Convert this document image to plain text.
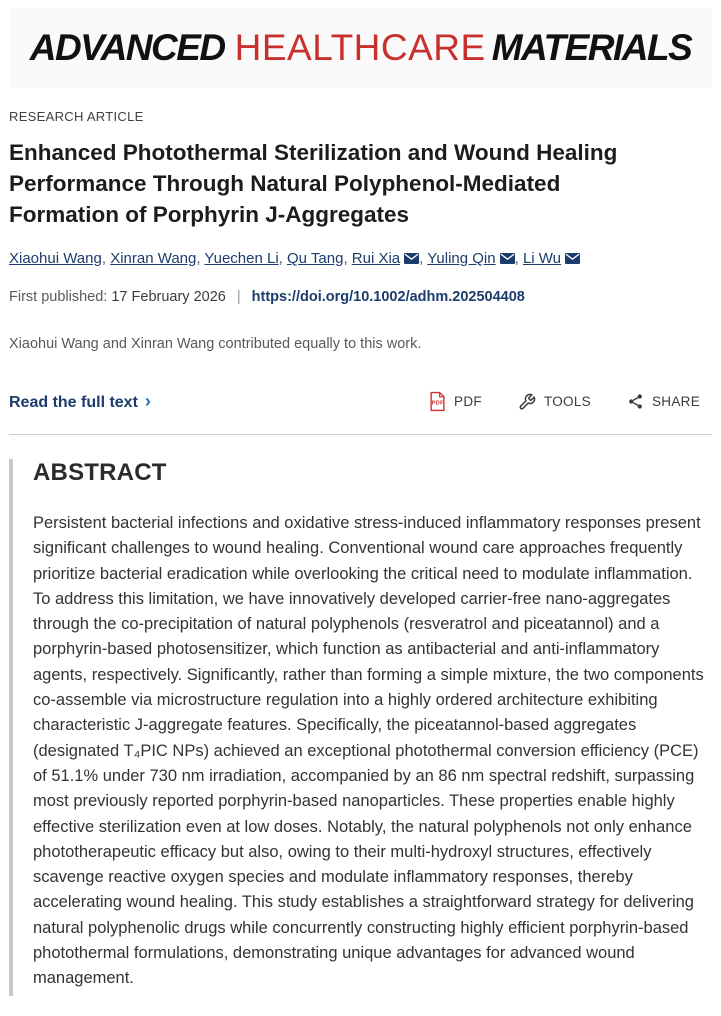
ADVANCED HEALTHCARE MATERIALS
RESEARCH ARTICLE
Enhanced Photothermal Sterilization and Wound Healing Performance Through Natural Polyphenol-Mediated Formation of Porphyrin J-Aggregates
Xiaohui Wang, Xinran Wang, Yuechen Li, Qu Tang, Rui Xia , Yuling Qin , Li Wu
First published: 17 February 2026 | https://doi.org/10.1002/adhm.202504408
Xiaohui Wang and Xinran Wang contributed equally to this work.
Read the full text ›	PDF PDF	TOOLS	SHARE
ABSTRACT

Persistent bacterial infections and oxidative stress-induced inflammatory responses present significant challenges to wound healing. Conventional wound care approaches frequently prioritize bacterial eradication while overlooking the critical need to modulate inflammation. To address this limitation, we have innovatively developed carrier-free nano-aggregates through the co-precipitation of natural polyphenols (resveratrol and piceatannol) and a porphyrin-based photosensitizer, which function as antibacterial and anti-inflammatory agents, respectively. Significantly, rather than forming a simple mixture, the two components co-assemble via microstructure regulation into a highly ordered architecture exhibiting characteristic J-aggregate features. Specifically, the piceatannol-based aggregates (designated T₄PIC NPs) achieved an exceptional photothermal conversion efficiency (PCE) of 51.1% under 730 nm irradiation, accompanied by an 86 nm spectral redshift, surpassing most previously reported porphyrin-based nanoparticles. These properties enable highly effective sterilization even at low doses. Notably, the natural polyphenols not only enhance phototherapeutic efficacy but also, owing to their multi-hydroxyl structures, effectively scavenge reactive oxygen species and modulate inflammatory responses, thereby accelerating wound healing. This study establishes a straightforward strategy for delivering natural polyphenolic drugs while concurrently constructing highly efficient porphyrin-based photothermal formulations, demonstrating unique advantages for advanced wound management.
